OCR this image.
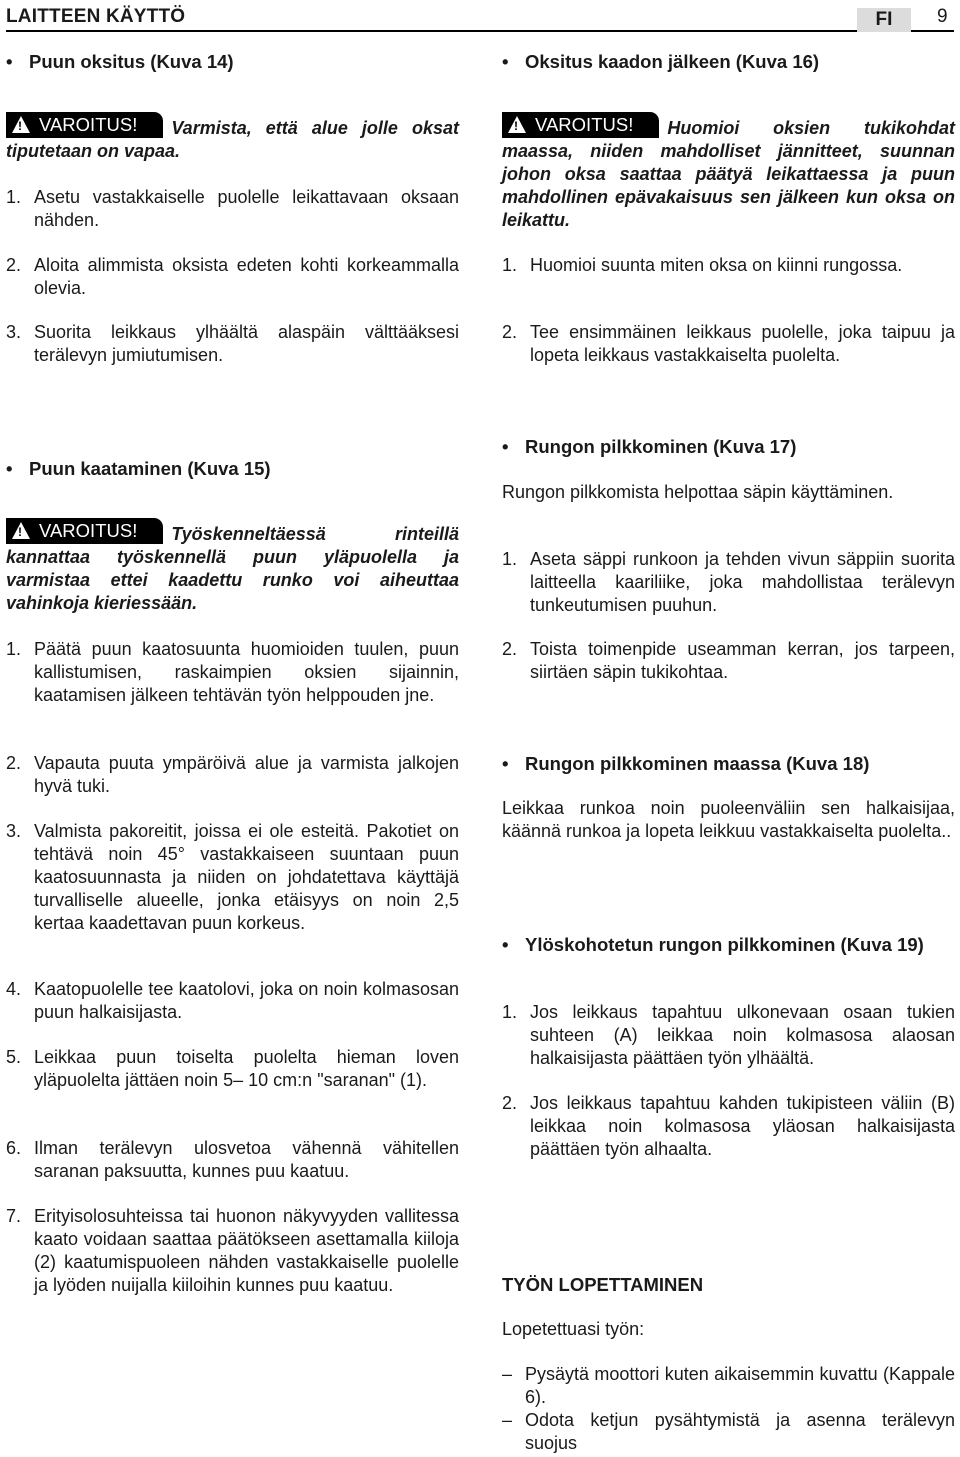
LAITTEEN KÄYTTÖ	FI	9
• Puun oksitus (Kuva 14)
!VAROITUS! Varmista, että alue jolle oksat tiputetaan on vapaa.
1. Asetu vastakkaiselle puolelle leikattavaan oksaan nähden.
2. Aloita alimmista oksista edeten kohti korkeammalla olevia.
3. Suorita leikkaus ylhäältä alaspäin välttääksesi terälevyn jumiutumisen.
• Puun kaataminen (Kuva 15)
!VAROITUS! Työskenneltäessä rinteillä kannattaa työskennellä puun yläpuolella ja varmistaa ettei kaadettu runko voi aiheuttaa vahinkoja kieriessään.
1. Päätä puun kaatosuunta huomioiden tuulen, puun kallistumisen, raskaimpien oksien sijainnin, kaatamisen jälkeen tehtävän työn helppouden jne.
2. Vapauta puuta ympäröivä alue ja varmista jalkojen hyvä tuki.
3. Valmista pakoreitit, joissa ei ole esteitä. Pakotiet on tehtävä noin 45° vastakkaiseen suuntaan puun kaatosuunnasta ja niiden on johdatettava käyttäjä turvalliselle alueelle, jonka etäisyys on noin 2,5 kertaa kaadettavan puun korkeus.
4. Kaatopuolelle tee kaatolovi, joka on noin kolmasosan puun halkaisijasta.
5. Leikkaa puun toiselta puolelta hieman loven yläpuolelta jättäen noin 5– 10 cm:n "saranan" (1).
6. Ilman terälevyn ulosvetoa vähennä vähitellen saranan paksuutta, kunnes puu kaatuu.
7. Erityisolosuhteissa tai huonon näkyvyyden vallitessa kaato voidaan saattaa päätökseen asettamalla kiiloja (2) kaatumispuoleen nähden vastakkaiselle puolelle ja lyöden nuijalla kiiloihin kunnes puu kaatuu.
• Oksitus kaadon jälkeen (Kuva 16)
!VAROITUS! Huomioi oksien tukikohdat maassa, niiden mahdolliset jännitteet, suunnan johon oksa saattaa päätyä leikattaessa ja puun mahdollinen epävakaisuus sen jälkeen kun oksa on leikattu.
1. Huomioi suunta miten oksa on kiinni rungossa.
2. Tee ensimmäinen leikkaus puolelle, joka taipuu ja lopeta leikkaus vastakkaiselta puolelta.
• Rungon pilkkominen (Kuva 17)
Rungon pilkkomista helpottaa säpin käyttäminen.
1. Aseta säppi runkoon ja tehden vivun säppiin suorita laitteella kaariliike, joka mahdollistaa terälevyn tunkeutumisen puuhun.
2. Toista toimenpide useamman kerran, jos tarpeen, siirtäen säpin tukikohtaa.
• Rungon pilkkominen maassa (Kuva 18)
Leikkaa runkoa noin puoleenväliin sen halkaisijaa, käännä runkoa ja lopeta leikkuu vastakkaiselta puolelta..
• Ylöskohotetun rungon pilkkominen (Kuva 19)
1. Jos leikkaus tapahtuu ulkonevaan osaan tukien suhteen (A) leikkaa noin kolmasosa alaosan halkaisijasta päättäen työn ylhäältä.
2. Jos leikkaus tapahtuu kahden tukipisteen väliin (B) leikkaa noin kolmasosa yläosan halkaisijasta päättäen työn alhaalta.
TYÖN LOPETTAMINEN
Lopetettuasi työn:
– Pysäytä moottori kuten aikaisemmin kuvattu (Kappale 6).
– Odota ketjun pysähtymistä ja asenna terälevyn suojus
